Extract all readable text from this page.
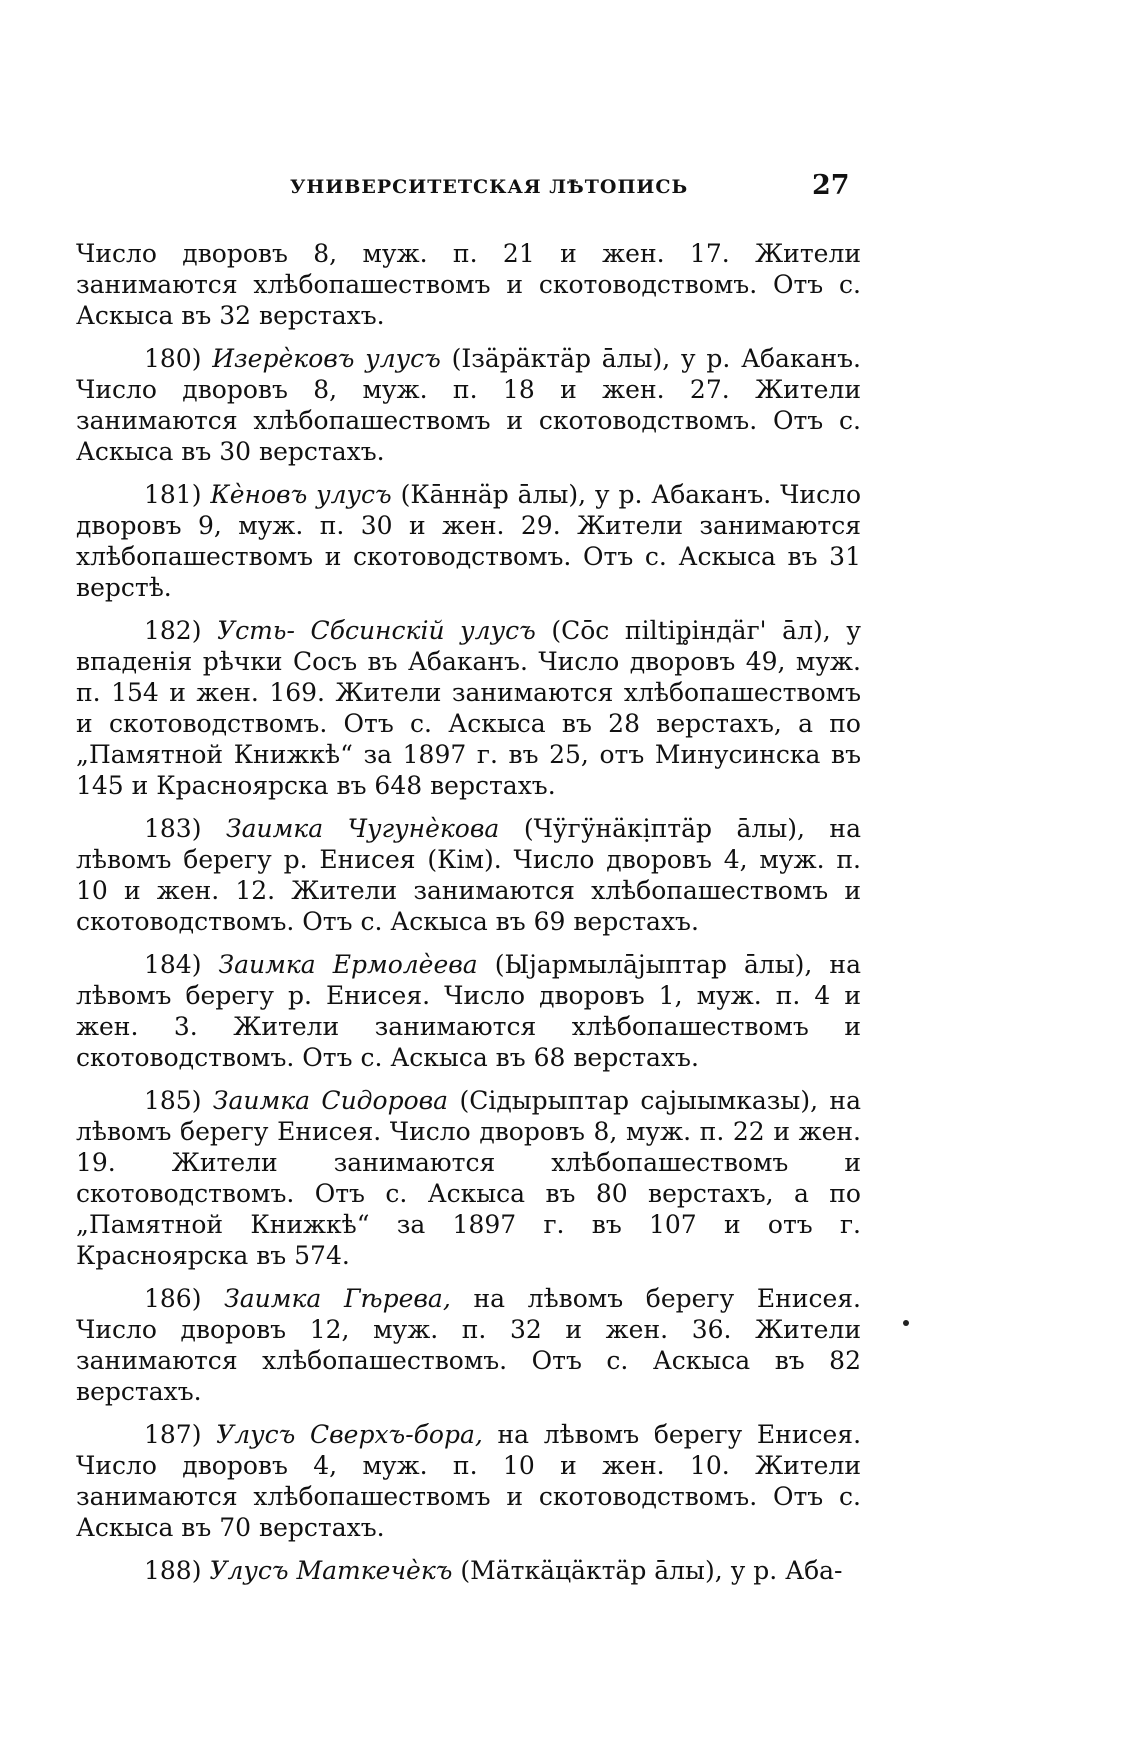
УНИВЕРСИТЕТСКАЯ ЛѢТОПИСЬ	27

Число дворовъ 8, муж. п. 21 и жен. 17. Жители занимаются хлѣбопашествомъ и скотоводствомъ. Отъ с. Аскыса въ 32 верстахъ.

180) Изерѐковъ улусъ (Ізäрäктäр āлы), у р. Абаканъ. Число дворовъ 8, муж. п. 18 и жен. 27. Жители занимаются хлѣбопашествомъ и скотоводствомъ. Отъ с. Аскыса въ 30 верстахъ.

181) Кѐновъ улусъ (Кāннäр āлы), у р. Абаканъ. Число дворовъ 9, муж. п. 30 и жен. 29. Жители занимаются хлѣбопашествомъ и скотоводствомъ. Отъ с. Аскыса въ 31 верстѣ.

182) Усть- Сбсинскій улусъ (Сōс піltір̥індäг' āл), у впаденія рѣчки Сосъ въ Абаканъ. Число дворовъ 49, муж. п. 154 и жен. 169. Жители занимаются хлѣбопашествомъ и скотоводствомъ. Отъ с. Аскыса въ 28 верстахъ, а по „Памятной Книжкѣ“ за 1897 г. въ 25, отъ Минусинска въ 145 и Красноярска въ 648 верстахъ.

183) Заимка Чугунѐкова (Чӱгӱнäкịптäр āлы), на лѣвомъ берегу р. Енисея (Кім). Число дворовъ 4, муж. п. 10 и жен. 12. Жители занимаются хлѣбопашествомъ и скотоводствомъ. Отъ с. Аскыса въ 69 верстахъ.

184) Заимка Ермолѐева (Ыјармылāјыптар āлы), на лѣвомъ берегу р. Енисея. Число дворовъ 1, муж. п. 4 и жен. 3. Жители занимаются хлѣбопашествомъ и скотоводствомъ. Отъ с. Аскыса въ 68 верстахъ.

185) Заимка Сидорова (Сідырыптар сајыымказы), на лѣвомъ берегу Енисея. Число дворовъ 8, муж. п. 22 и жен. 19. Жители занимаются хлѣбопашествомъ и скотоводствомъ. Отъ с. Аскыса въ 80 верстахъ, а по „Памятной Книжкѣ“ за 1897 г. въ 107 и отъ г. Красноярска въ 574.

186) Заимка Гѣрева, на лѣвомъ берегу Енисея. Число дворовъ 12, муж. п. 32 и жен. 36. Жители занимаются хлѣбопашествомъ. Отъ с. Аскыса въ 82 верстахъ.

187) Улусъ Сверхъ-бора, на лѣвомъ берегу Енисея. Число дворовъ 4, муж. п. 10 и жен. 10. Жители занимаются хлѣбопашествомъ и скотоводствомъ. Отъ с. Аскыса въ 70 верстахъ.

188) Улусъ Маткечѐкъ (Мäткäцäктäр āлы), у р. Аба-
